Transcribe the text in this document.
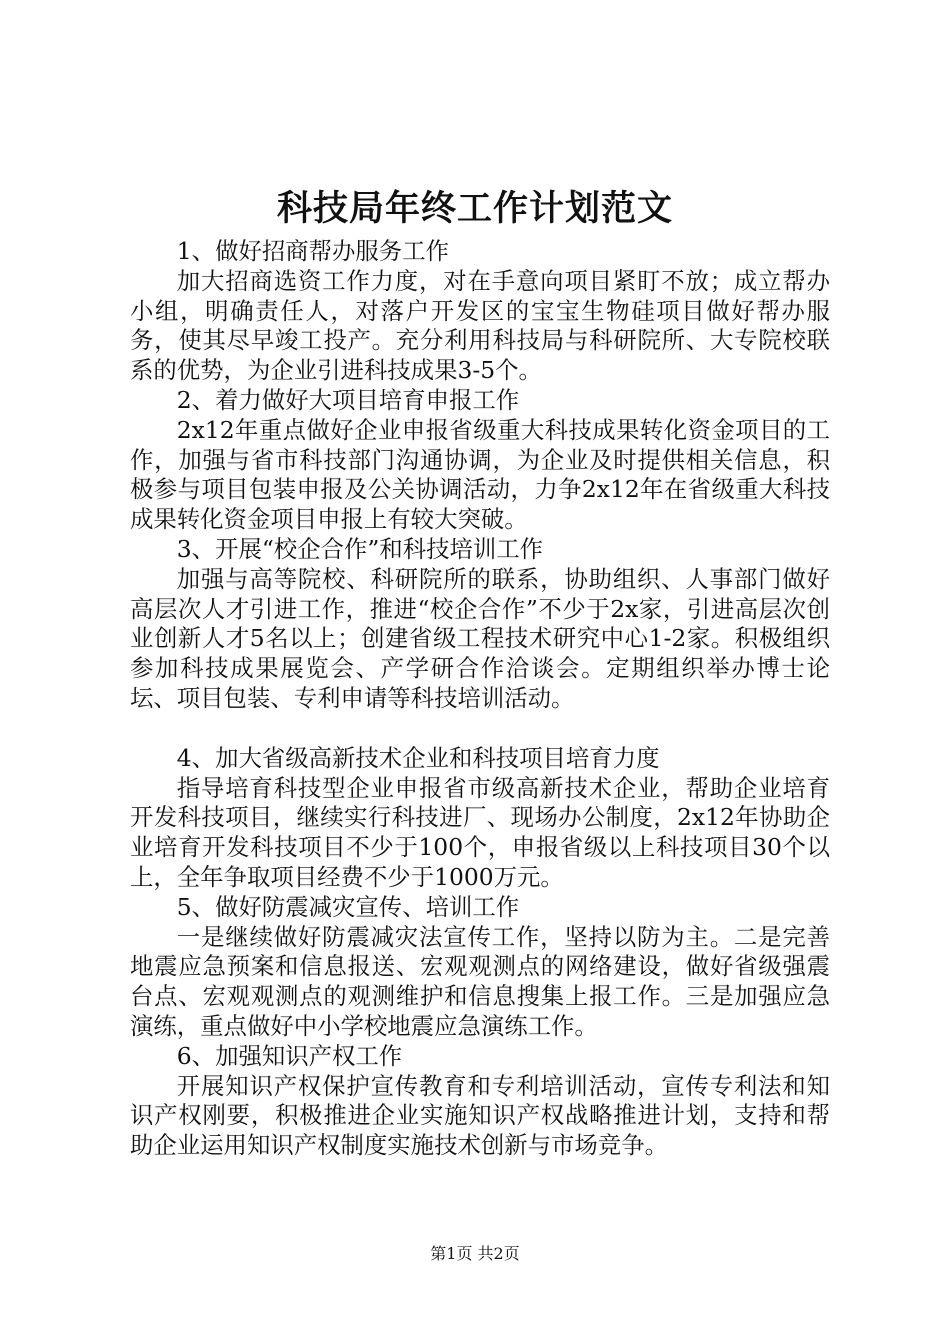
科技局年终工作计划范文

1、做好招商帮办服务工作

加大招商选资工作力度，对在手意向项目紧盯不放；成立帮办小组，明确责任人，对落户开发区的宝宝生物硅项目做好帮办服务，使其尽早竣工投产。充分利用科技局与科研院所、大专院校联系的优势，为企业引进科技成果3-5个。

2、着力做好大项目培育申报工作

2x12年重点做好企业申报省级重大科技成果转化资金项目的工作，加强与省市科技部门沟通协调，为企业及时提供相关信息，积极参与项目包装申报及公关协调活动，力争2x12年在省级重大科技成果转化资金项目申报上有较大突破。

3、开展“校企合作”和科技培训工作

加强与高等院校、科研院所的联系，协助组织、人事部门做好高层次人才引进工作，推进“校企合作”不少于2x家，引进高层次创业创新人才5名以上；创建省级工程技术研究中心1-2家。积极组织参加科技成果展览会、产学研合作洽谈会。定期组织举办博士论坛、项目包装、专利申请等科技培训活动。

4、加大省级高新技术企业和科技项目培育力度

指导培育科技型企业申报省市级高新技术企业，帮助企业培育开发科技项目，继续实行科技进厂、现场办公制度，2x12年协助企业培育开发科技项目不少于100个，申报省级以上科技项目30个以上，全年争取项目经费不少于1000万元。

5、做好防震减灾宣传、培训工作

一是继续做好防震减灾法宣传工作，坚持以防为主。二是完善地震应急预案和信息报送、宏观观测点的网络建设，做好省级强震台点、宏观观测点的观测维护和信息搜集上报工作。三是加强应急演练，重点做好中小学校地震应急演练工作。

6、加强知识产权工作

开展知识产权保护宣传教育和专利培训活动，宣传专利法和知识产权刚要，积极推进企业实施知识产权战略推进计划，支持和帮助企业运用知识产权制度实施技术创新与市场竞争。

第1页 共2页
